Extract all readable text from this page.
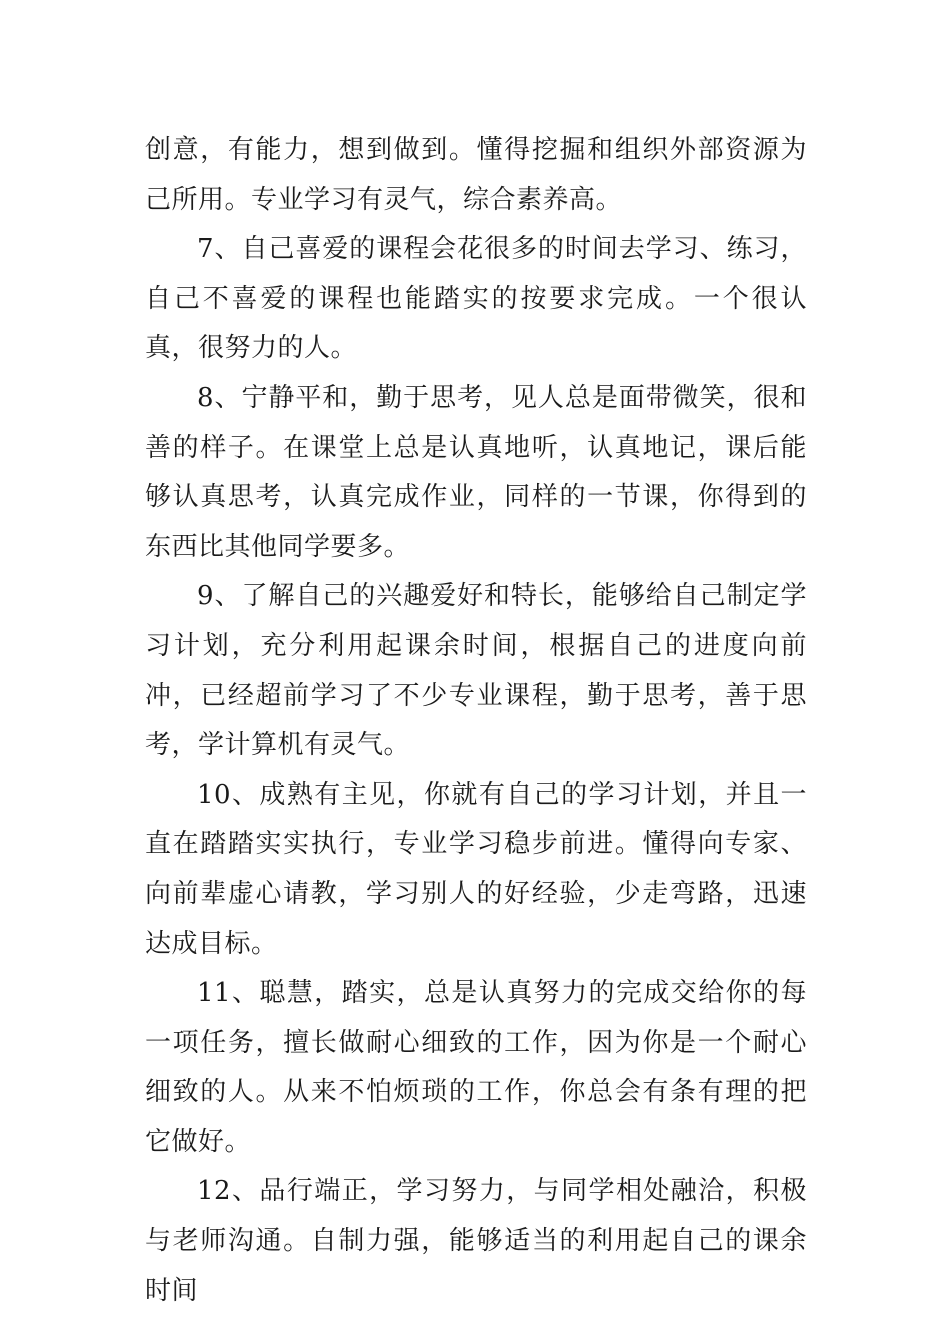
创意，有能力，想到做到。懂得挖掘和组织外部资源为己所用。专业学习有灵气，综合素养高。

7、自己喜爱的课程会花很多的时间去学习、练习，自己不喜爱的课程也能踏实的按要求完成。一个很认真，很努力的人。

8、宁静平和，勤于思考，见人总是面带微笑，很和善的样子。在课堂上总是认真地听，认真地记，课后能够认真思考，认真完成作业，同样的一节课，你得到的东西比其他同学要多。

9、了解自己的兴趣爱好和特长，能够给自己制定学习计划，充分利用起课余时间，根据自己的进度向前冲，已经超前学习了不少专业课程，勤于思考，善于思考，学计算机有灵气。

10、成熟有主见，你就有自己的学习计划，并且一直在踏踏实实执行，专业学习稳步前进。懂得向专家、向前辈虚心请教，学习别人的好经验，少走弯路，迅速达成目标。

11、聪慧，踏实，总是认真努力的完成交给你的每一项任务，擅长做耐心细致的工作，因为你是一个耐心细致的人。从来不怕烦琐的工作，你总会有条有理的把它做好。

12、品行端正，学习努力，与同学相处融洽，积极与老师沟通。自制力强，能够适当的利用起自己的课余时间
